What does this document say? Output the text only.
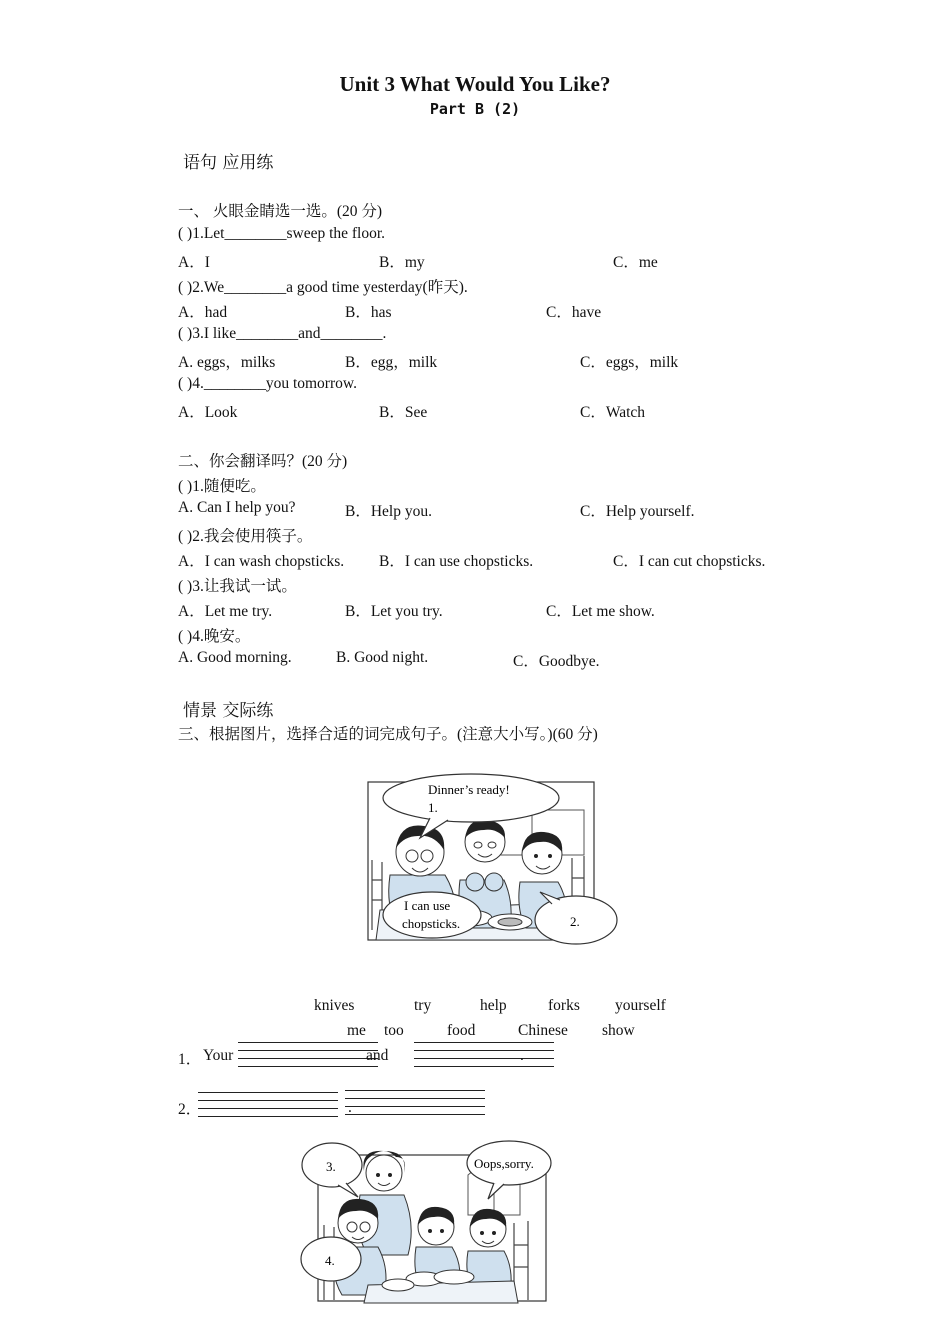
Unit 3 What Would You Like?
Part B (2)
语句 应用练
一、 火眼金睛选一选。(20 分)
( )1.Let________sweep the floor.
A．I	B．my	C．me
( )2.We________a good time yesterday(昨天).
A．had	B．has	C．have
( )3.I like________and________.
A. eggs，milks	B．egg，milk	C．eggs，milk
( )4.________you tomorrow.
A．Look	B．See	C．Watch
二、你会翻译吗？(20 分)
( )1.随便吃。
A. Can I help you?	B．Help you.	C．Help yourself.
( )2.我会使用筷子。
A．I can wash chopsticks. B．I can use chopsticks.	C．I can cut chopsticks.
( )3.让我试一试。
A．Let me try.	B．Let you try.	C．Let me show.
( )4.晚安。
A. Good morning.	B. Good night.	C．Goodbye.
情景 交际练
三、根据图片，选择合适的词完成句子。(注意大小写。)(60 分)
Dinner’s ready!
1.
I can use
chopsticks.	2.
knives	try	help	forks yourself
me too	food	Chinese show
1． Your	and	.
2．	.
3.	Oops,sorry.
4.
